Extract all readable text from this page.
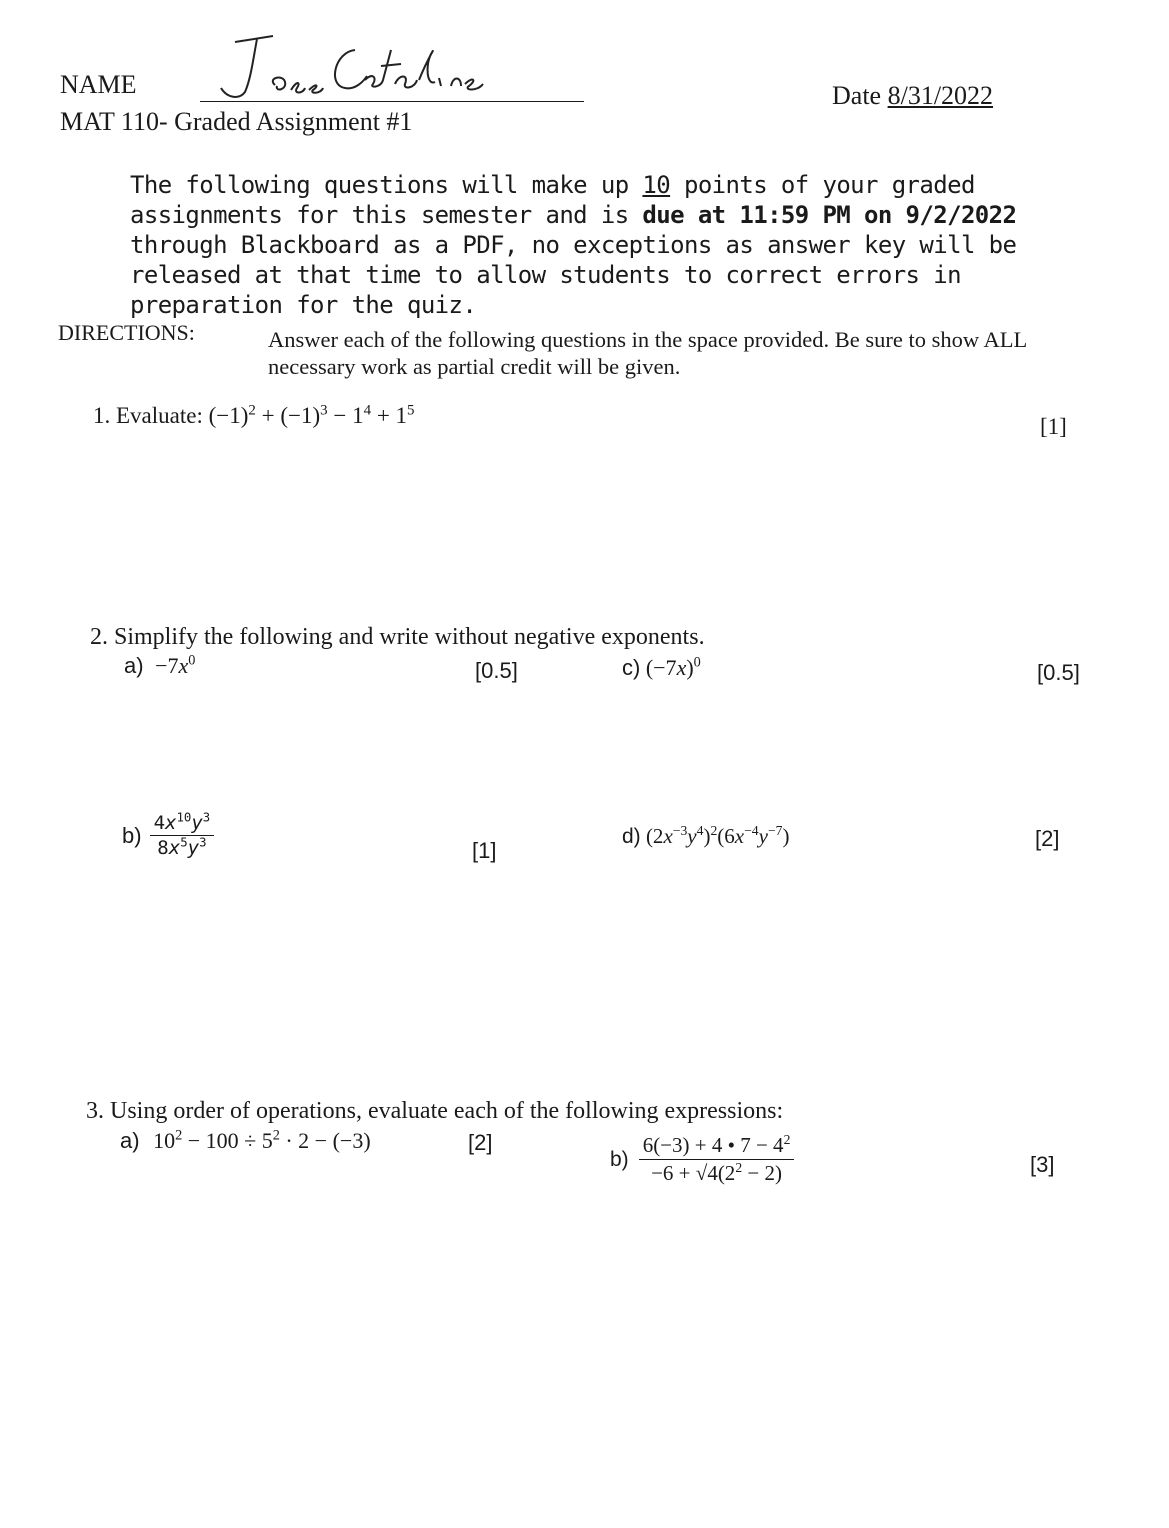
NAME
Jesse Catalina
Date 8/31/2022
MAT 110- Graded Assignment #1
The following questions will make up 10 points of your graded assignments for this semester and is due at 11:59 PM on 9/2/2022 through Blackboard as a PDF, no exceptions as answer key will be released at that time to allow students to correct errors in preparation for the quiz.
DIRECTIONS:	Answer each of the following questions in the space provided. Be sure to show ALL necessary work as partial credit will be given.
1. Evaluate: $(-1)^2 + (-1)^3 - 1^4 + 1^5$
[1]
2. Simplify the following and write without negative exponents.
$a) -7x^0$	[0.5]	c) $(-7x)^0$	[0.5]
$b) \frac{4x^{10}y^3}{8x^5y^3}$	[1]
d) $(2x^{-3}y^4)^2(6x^{-4}y^{-7})$	[2]
3. Using order of operations, evaluate each of the following expressions:
a) $10^2 - 100 \div 5^2 \cdot 2 - (-3)$	[2]
$b) \frac{6(-3) + 4 • 7 - 4^2}{-6 + √4(2^2 - 2)}$	[3]
